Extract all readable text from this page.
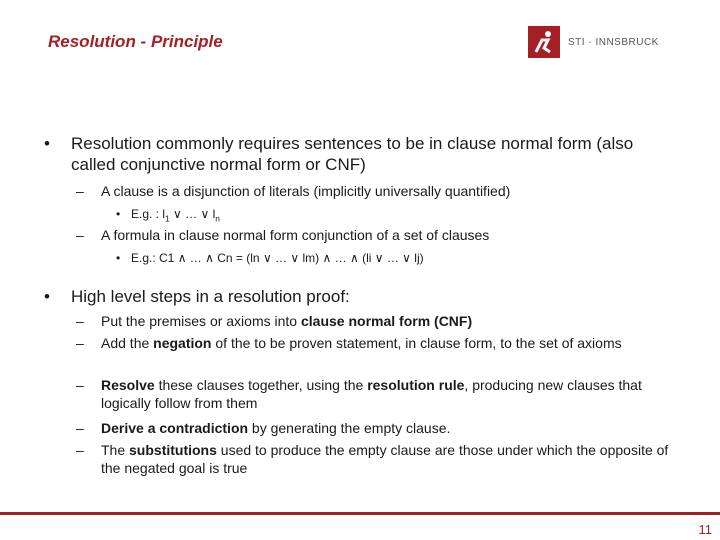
Resolution - Principle	STI · INNSBRUCK
• Resolution commonly requires sentences to be in clause normal form (also called conjunctive normal form or CNF)
– A clause is a disjunction of literals (implicitly universally quantified)
• E.g. : $l_1$ ∨ … ∨ $l_n$
– A formula in clause normal form conjunction of a set of clauses
• E.g.: C1 ∧ … ∧ Cn = (ln ∨ … ∨ lm) ∧ … ∧ (li ∨ … ∨ lj)
• High level steps in a resolution proof:
– Put the premises or axioms into clause normal form (CNF)
– Add the negation of the to be proven statement, in clause form, to the set of axioms
– Resolve these clauses together, using the resolution rule, producing new clauses that logically follow from them
– Derive a contradiction by generating the empty clause.
– The substitutions used to produce the empty clause are those under which the opposite of the negated goal is true
11
